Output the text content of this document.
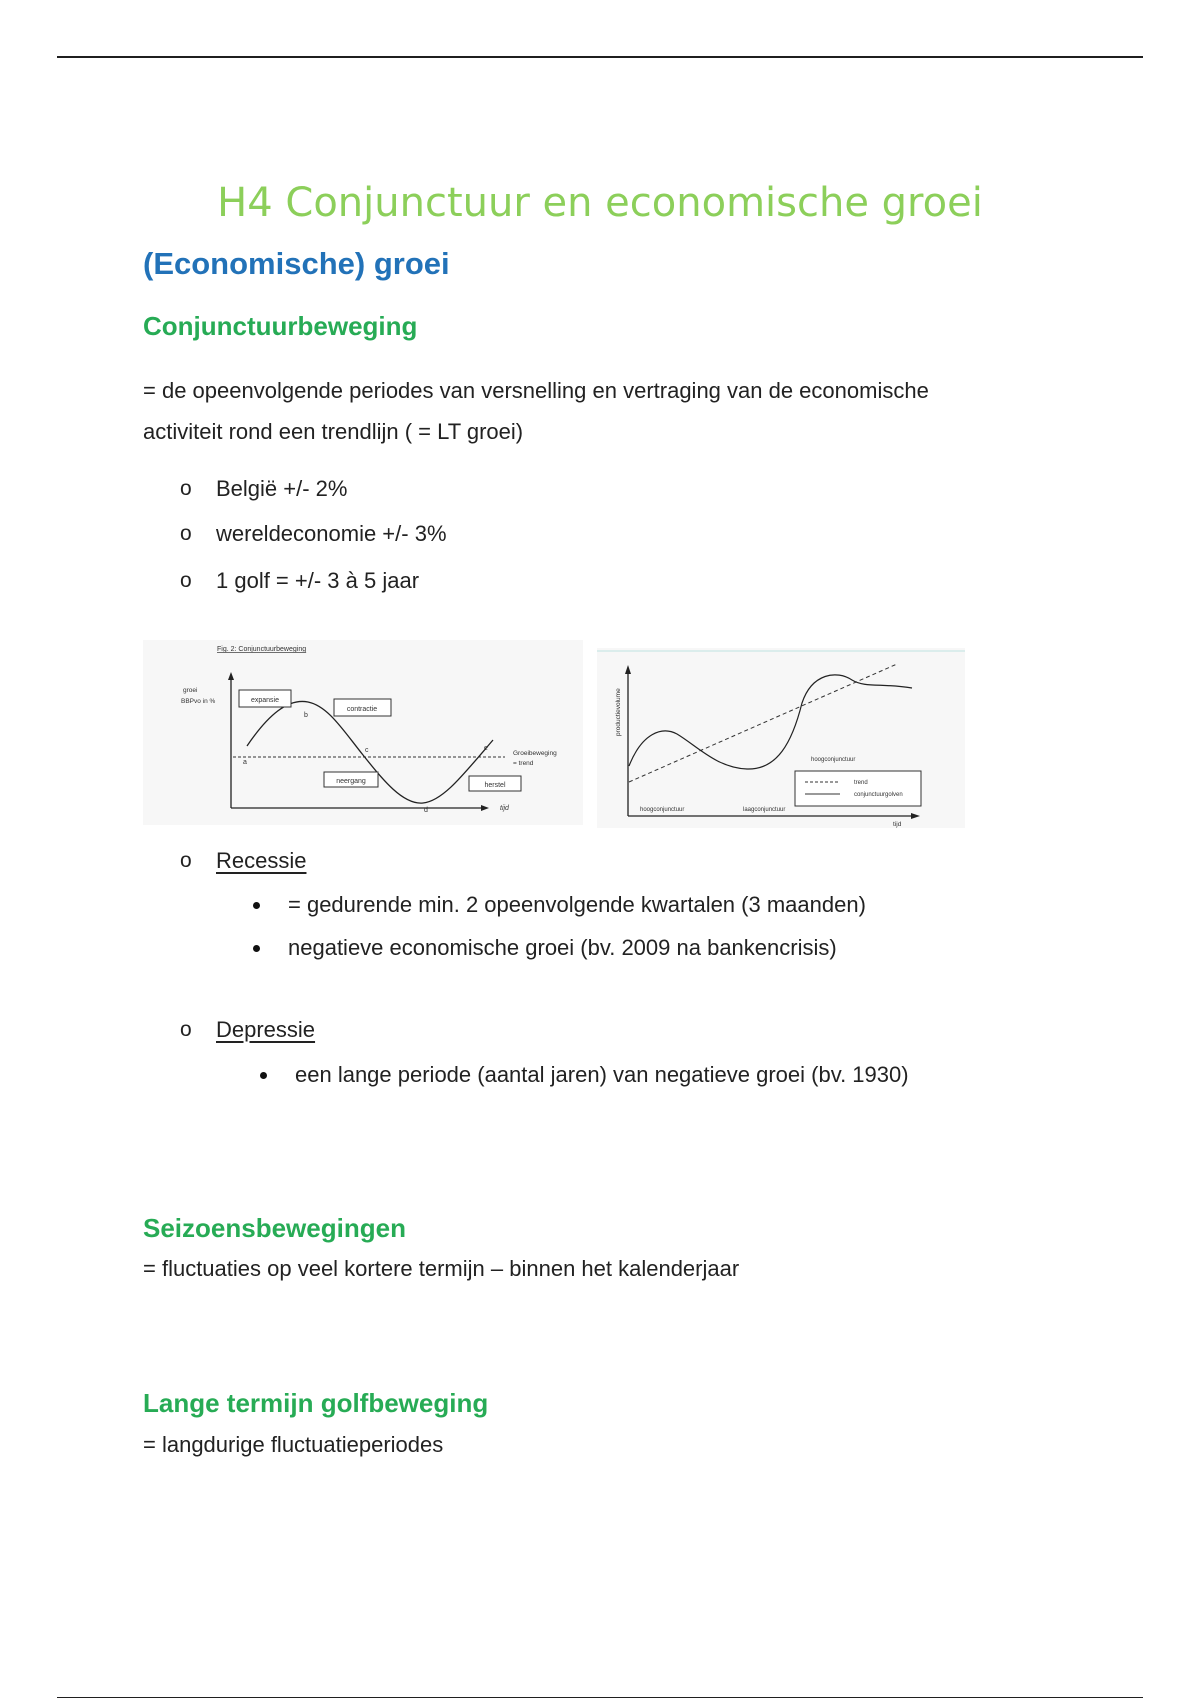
H4 Conjunctuur en economische groei
(Economische) groei
Conjunctuurbeweging

= de opeenvolgende periodes van versnelling en vertraging van de economische

activiteit rond een trendlijn ( = LT groei)

o België +/- 2%

o wereldeconomie +/- 3%

o 1 golf = +/- 3 à 5 jaar

Fig. 2: Conjunctuurbeweging
groei
BBPvo in %
tijd
Groeibeweging
= trend
expansie
contractie
neergang
herstel
a
b
c
d
e
productievolume
tijd
hoogconjunctuur	laagconjunctuur
hoogconjunctuur
trend
conjunctuurgolven
o Recessie

= gedurende min. 2 opeenvolgende kwartalen (3 maanden)

negatieve economische groei (bv. 2009 na bankencrisis)

o Depressie

een lange periode (aantal jaren) van negatieve groei (bv. 1930)

Seizoensbewegingen

= fluctuaties op veel kortere termijn – binnen het kalenderjaar

Lange termijn golfbeweging

= langdurige fluctuatieperiodes
